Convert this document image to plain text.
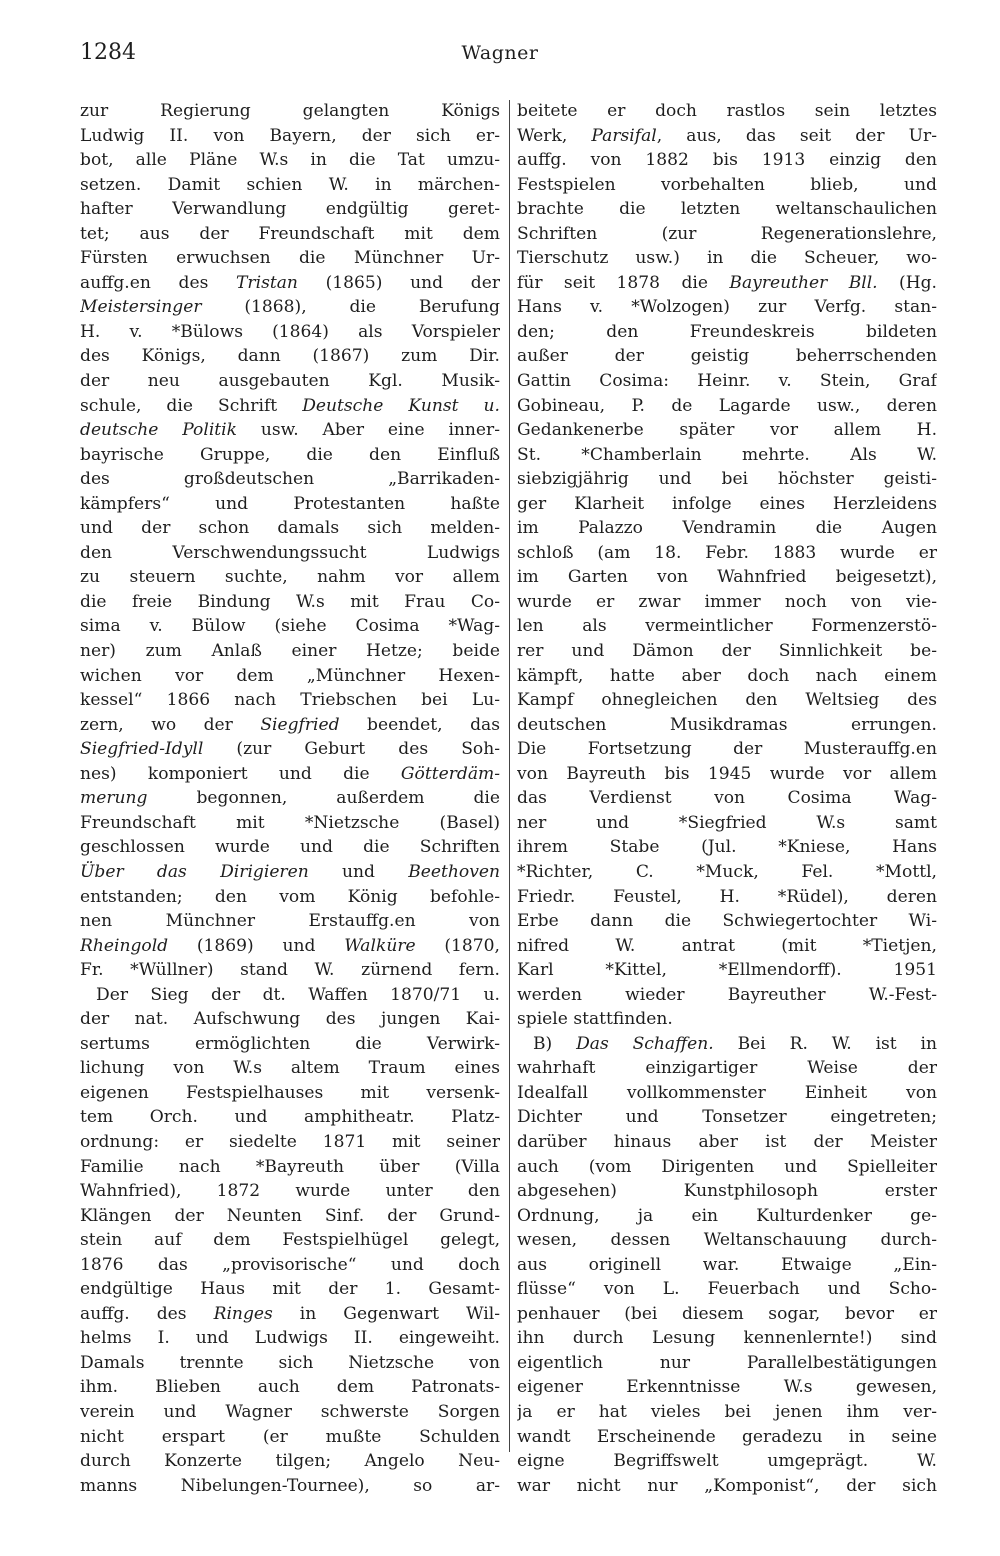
1284	Wagner
zur Regierung gelangten Königs
Ludwig II. von Bayern, der sich er-
bot, alle Pläne W.s in die Tat umzu-
setzen. Damit schien W. in märchen-
hafter Verwandlung endgültig geret-
tet; aus der Freundschaft mit dem
Fürsten erwuchsen die Münchner Ur-
auffg.en des Tristan (1865) und der
Meistersinger (1868), die Berufung
H. v. *Bülows (1864) als Vorspieler
des Königs, dann (1867) zum Dir.
der neu ausgebauten Kgl. Musik-
schule, die Schrift Deutsche Kunst u.
deutsche Politik usw. Aber eine inner-
bayrische Gruppe, die den Einfluß
des großdeutschen „Barrikaden-
kämpfers“ und Protestanten haßte
und der schon damals sich melden-
den Verschwendungssucht Ludwigs
zu steuern suchte, nahm vor allem
die freie Bindung W.s mit Frau Co-
sima v. Bülow (siehe Cosima *Wag-
ner) zum Anlaß einer Hetze; beide
wichen vor dem „Münchner Hexen-
kessel“ 1866 nach Triebschen bei Lu-
zern, wo der Siegfried beendet, das
Siegfried-Idyll (zur Geburt des Soh-
nes) komponiert und die Götterdäm-
merung begonnen, außerdem die
Freundschaft mit *Nietzsche (Basel)
geschlossen wurde und die Schriften
Über das Dirigieren und Beethoven
entstanden; den vom König befohle-
nen Münchner Erstauffg.en von
Rheingold (1869) und Walküre (1870,
Fr. *Wüllner) stand W. zürnend fern.
Der Sieg der dt. Waffen 1870/71 u.
der nat. Aufschwung des jungen Kai-
sertums ermöglichten die Verwirk-
lichung von W.s altem Traum eines
eigenen Festspielhauses mit versenk-
tem Orch. und amphitheatr. Platz-
ordnung: er siedelte 1871 mit seiner
Familie nach *Bayreuth über (Villa
Wahnfried), 1872 wurde unter den
Klängen der Neunten Sinf. der Grund-
stein auf dem Festspielhügel gelegt,
1876 das „provisorische“ und doch
endgültige Haus mit der 1. Gesamt-
auffg. des Ringes in Gegenwart Wil-
helms I. und Ludwigs II. eingeweiht.
Damals trennte sich Nietzsche von
ihm. Blieben auch dem Patronats-
verein und Wagner schwerste Sorgen
nicht erspart (er mußte Schulden
durch Konzerte tilgen; Angelo Neu-
manns Nibelungen-Tournee), so ar-
beitete er doch rastlos sein letztes
Werk, Parsifal, aus, das seit der Ur-
auffg. von 1882 bis 1913 einzig den
Festspielen vorbehalten blieb, und
brachte die letzten weltanschaulichen
Schriften (zur Regenerationslehre,
Tierschutz usw.) in die Scheuer, wo-
für seit 1878 die Bayreuther Bll. (Hg.
Hans v. *Wolzogen) zur Verfg. stan-
den; den Freundeskreis bildeten
außer der geistig beherrschenden
Gattin Cosima: Heinr. v. Stein, Graf
Gobineau, P. de Lagarde usw., deren
Gedankenerbe später vor allem H.
St. *Chamberlain mehrte. Als W.
siebzigjährig und bei höchster geisti-
ger Klarheit infolge eines Herzleidens
im Palazzo Vendramin die Augen
schloß (am 18. Febr. 1883 wurde er
im Garten von Wahnfried beigesetzt),
wurde er zwar immer noch von vie-
len als vermeintlicher Formenzerstö-
rer und Dämon der Sinnlichkeit be-
kämpft, hatte aber doch nach einem
Kampf ohnegleichen den Weltsieg des
deutschen Musikdramas errungen.
Die Fortsetzung der Musterauffg.en
von Bayreuth bis 1945 wurde vor allem
das Verdienst von Cosima Wag-
ner und *Siegfried W.s samt
ihrem Stabe (Jul. *Kniese, Hans
*Richter, C. *Muck, Fel. *Mottl,
Friedr. Feustel, H. *Rüdel), deren
Erbe dann die Schwiegertochter Wi-
nifred W. antrat (mit *Tietjen,
Karl *Kittel, *Ellmendorff). 1951
werden wieder Bayreuther W.-Fest-
spiele stattfinden.
B) Das Schaffen. Bei R. W. ist in
wahrhaft einzigartiger Weise der
Idealfall vollkommenster Einheit von
Dichter und Tonsetzer eingetreten;
darüber hinaus aber ist der Meister
auch (vom Dirigenten und Spielleiter
abgesehen) Kunstphilosoph erster
Ordnung, ja ein Kulturdenker ge-
wesen, dessen Weltanschauung durch-
aus originell war. Etwaige „Ein-
flüsse“ von L. Feuerbach und Scho-
penhauer (bei diesem sogar, bevor er
ihn durch Lesung kennenlernte!) sind
eigentlich nur Parallelbestätigungen
eigener Erkenntnisse W.s gewesen,
ja er hat vieles bei jenen ihm ver-
wandt Erscheinende geradezu in seine
eigne Begriffswelt umgeprägt. W.
war nicht nur „Komponist“, der sich
